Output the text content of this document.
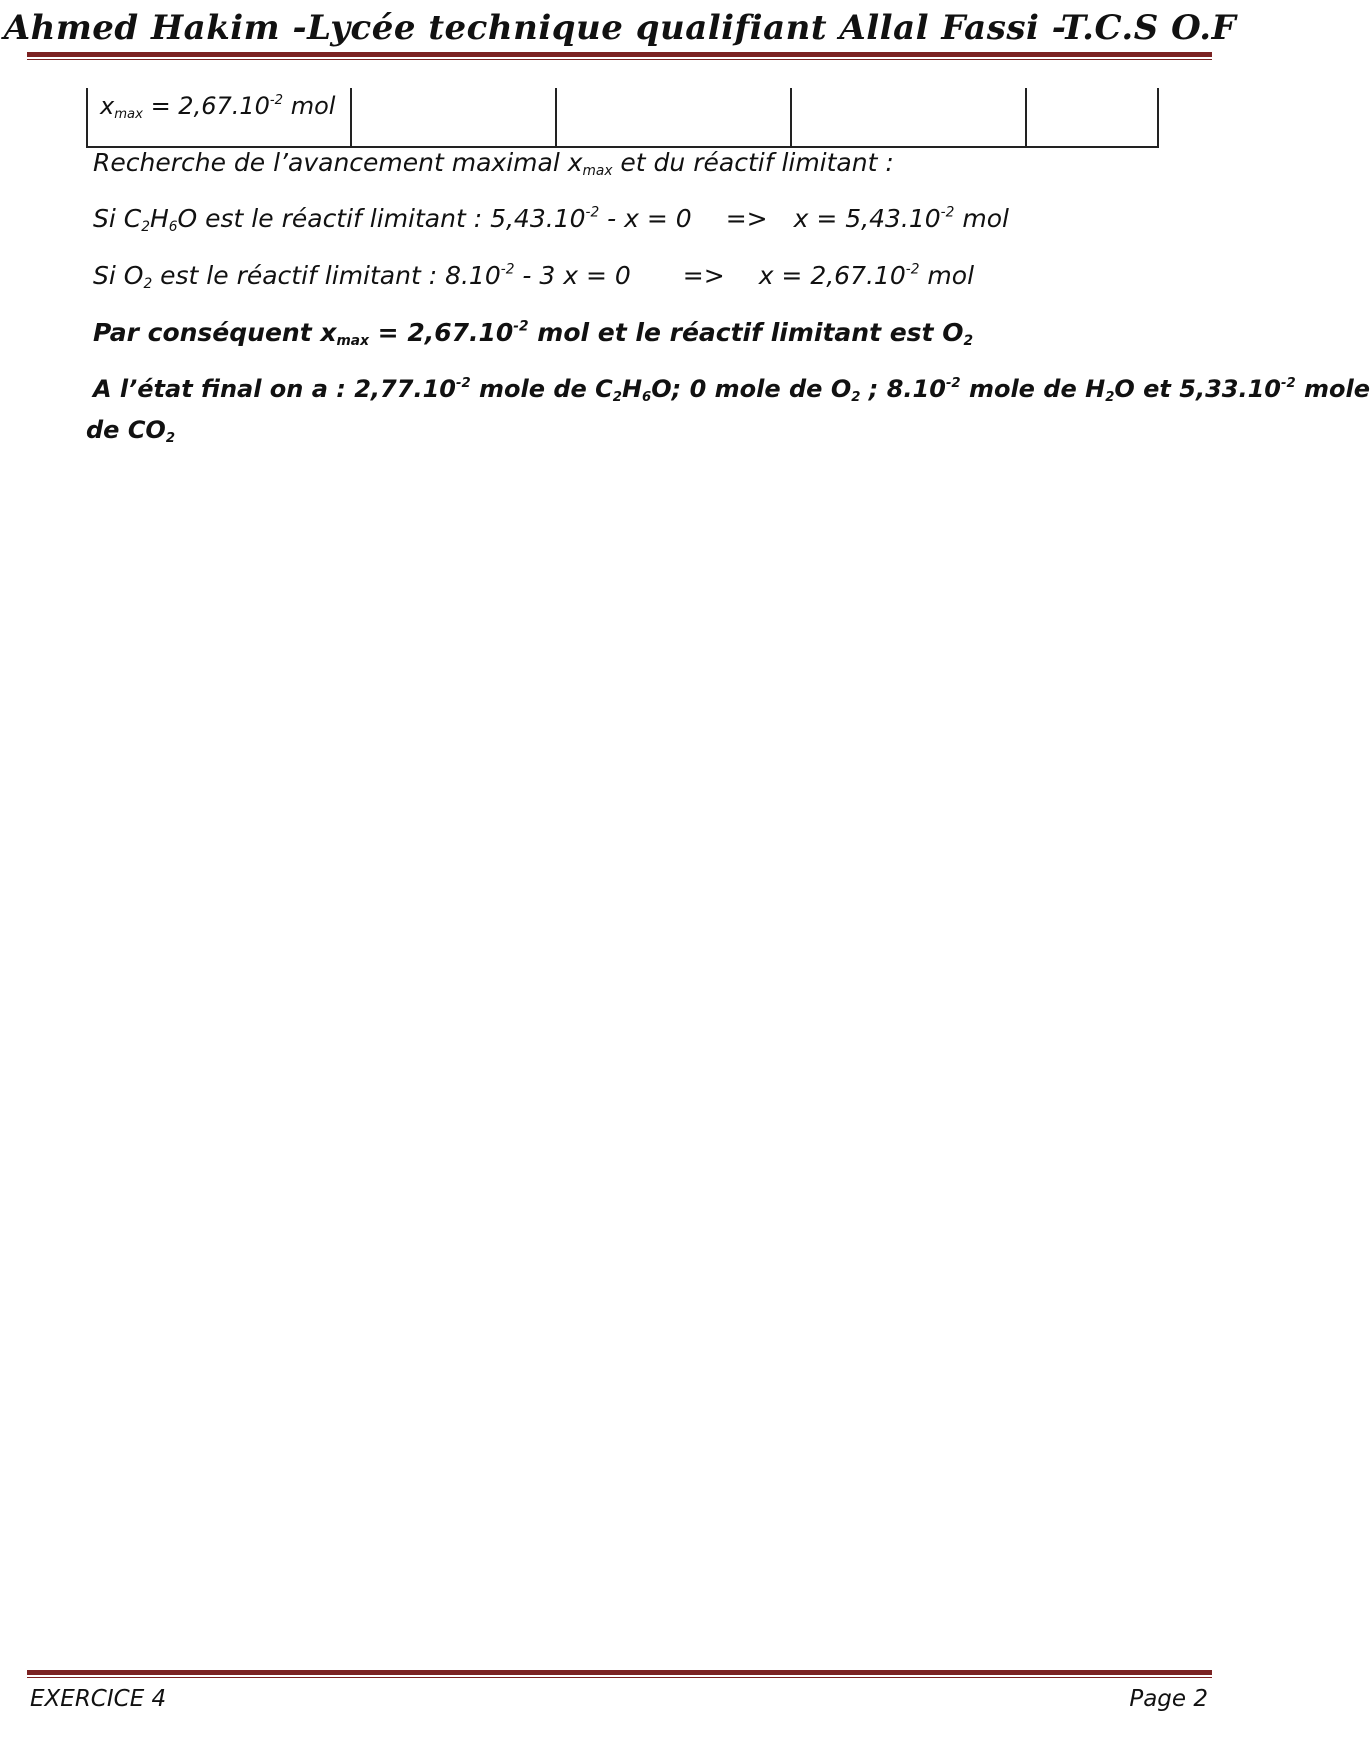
Ahmed Hakim -Lycée technique qualifiant Allal Fassi -T.C.S O.F
$x_{max} = 2,67.10^{-2}$ mol
Recherche de l’avancement maximal $x_{max}$ et du réactif limitant :
Si $C_2H_6O$ est le réactif limitant : $5,43.10^{-2} - x = 0 => x = 5,43.10^{-2}$ mol
Si $O_2$ est le réactif limitant : $8.10^{-2} - 3$ $x = 0 => x = 2,67.10^{-2}$ mol
Par conséquent $x_{max} = 2,67.10^{-2}$ mol et le réactif limitant est $O_2$
A l’état final on a : $2,77.10^{-2}$ mole de $C_2H_6O$; 0 mole de $O_2$ ; $8.10^{-2}$ mole de $H_2O$ et $5,33.10^{-2}$ mole
de $CO_2$
EXERCICE 4	Page 2
